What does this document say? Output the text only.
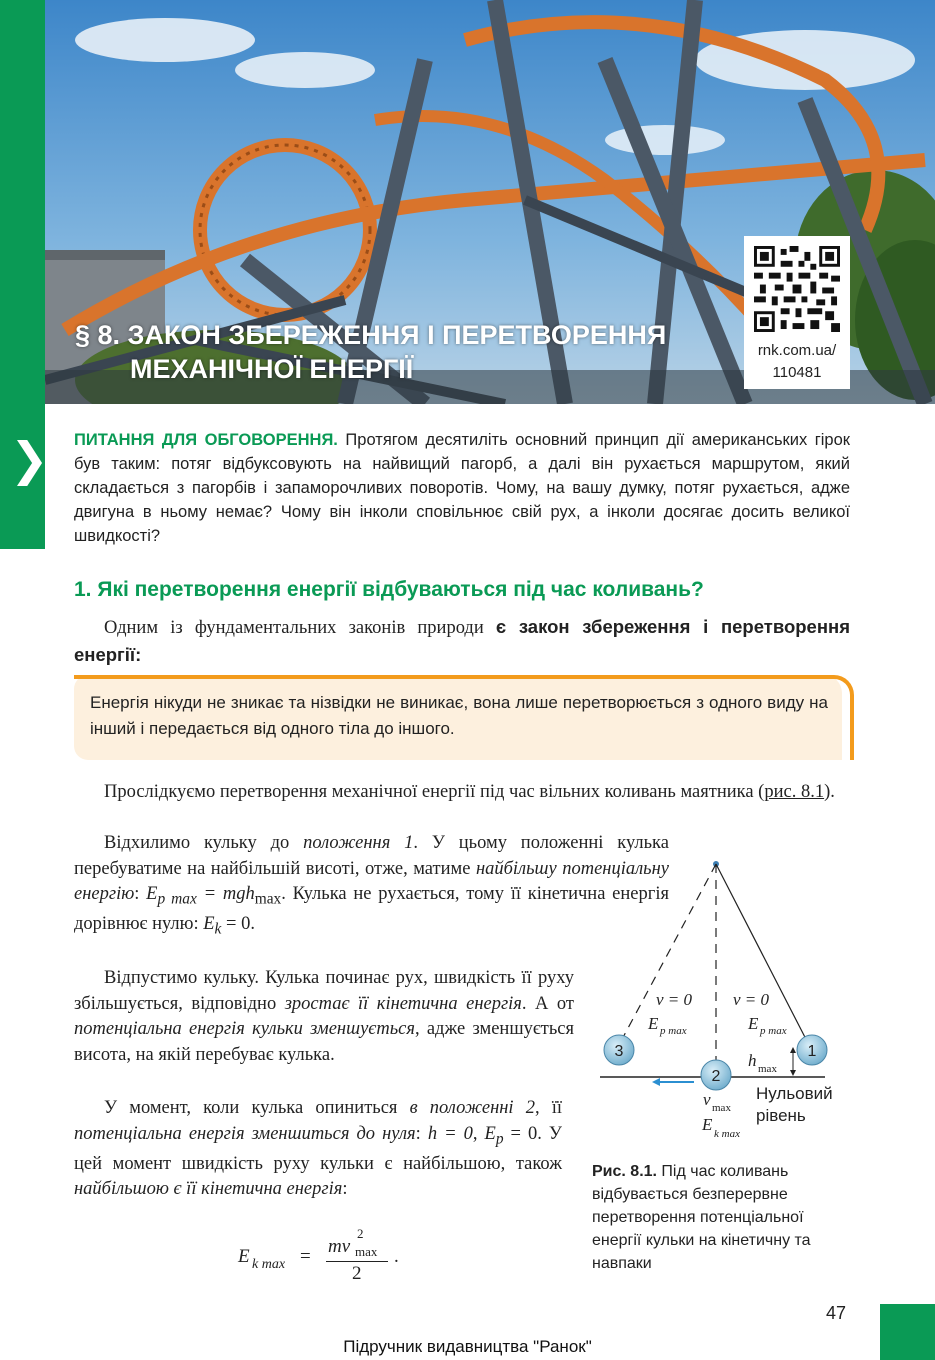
§ 8. ЗАКОН ЗБЕРЕЖЕННЯ І ПЕРЕТВОРЕННЯ
МЕХАНІЧНОЇ ЕНЕРГІЇ
rnk.com.ua/
110481
❯ ПИТАННЯ ДЛЯ ОБГОВОРЕННЯ. Протягом десятиліть основний принцип дії американських гірок був таким: потяг відбуксовують на найвищий пагорб, а далі він рухається маршрутом, який складається з пагорбів і запаморочливих поворотів. Чому, на вашу думку, потяг рухається, адже двигуна в ньому немає? Чому він інколи сповільнює свій рух, а інколи досягає досить великої швидкості?
1. Які перетворення енергії відбуваються під час коливань?
Одним із фундаментальних законів природи є закон збереження і перетворення енергії:
Енергія нікуди не зникає та нізвідки не виникає, вона лише перетворюється з одного виду на інший і передається від одного тіла до іншого.
Прослідкуємо перетворення механічної енергії під час вільних коливань маятника (рис. 8.1).
Відхилимо кульку до положення 1. У цьому положенні кулька перебуватиме на найбільшій висоті, отже, матиме найбільшу потенціальну енергію: $E_{p max} = mgh_{max}$. Кулька не рухається, тому її кінетична енергія дорівнює нулю: $E_k = 0$.
Відпустимо кульку. Кулька починає рух, швидкість її руху збільшується, відповідно зростає її кінетична енергія. А от потенціальна енергія кульки зменшується, адже зменшується висота, на якій перебуває кулька.
У момент, коли кулька опиниться в положенні 2, її потенціальна енергія зменшиться до нуля: h = 0, $E_p = 0$. У цей момент швидкість руху кульки є найбільшою, також найбільшою є її кінетична енергія:
E k max = mv
2
max
2
.
3
2
1
v = 0 v = 0
E p max	E p max
h max
Нульовий
рівень
v max
E k max
Рис. 8.1. Під час коливань відбувається безперервне перетворення потенціальної енергії кульки на кінетичну та навпаки
47
Підручник видавництва "Ранок"
